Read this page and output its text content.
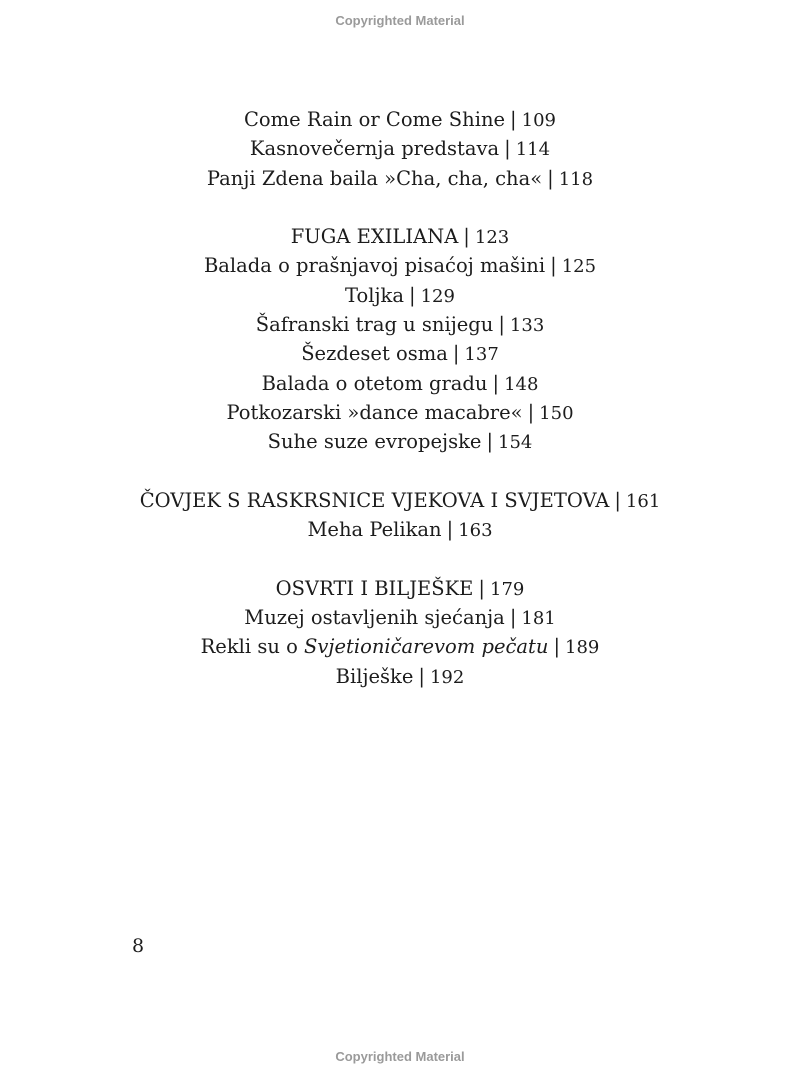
Copyrighted Material
Come Rain or Come Shine | 109
Kasnovečernja predstava | 114
Panji Zdena baila »Cha, cha, cha« | 118
FUGA EXILIANA | 123
Balada o prašnjavoj pisaćoj mašini | 125
Toljka | 129
Šafranski trag u snijegu | 133
Šezdeset osma | 137
Balada o otetom gradu | 148
Potkozarski »dance macabre« | 150
Suhe suze evropejske | 154
ČOVJEK S RASKRSNICE VJEKOVA I SVJETOVA | 161
Meha Pelikan | 163
OSVRTI I BILJEŠKE | 179
Muzej ostavljenih sjećanja | 181
Rekli su o Svjetioničarevom pečatu | 189
Bilješke | 192
8
Copyrighted Material
